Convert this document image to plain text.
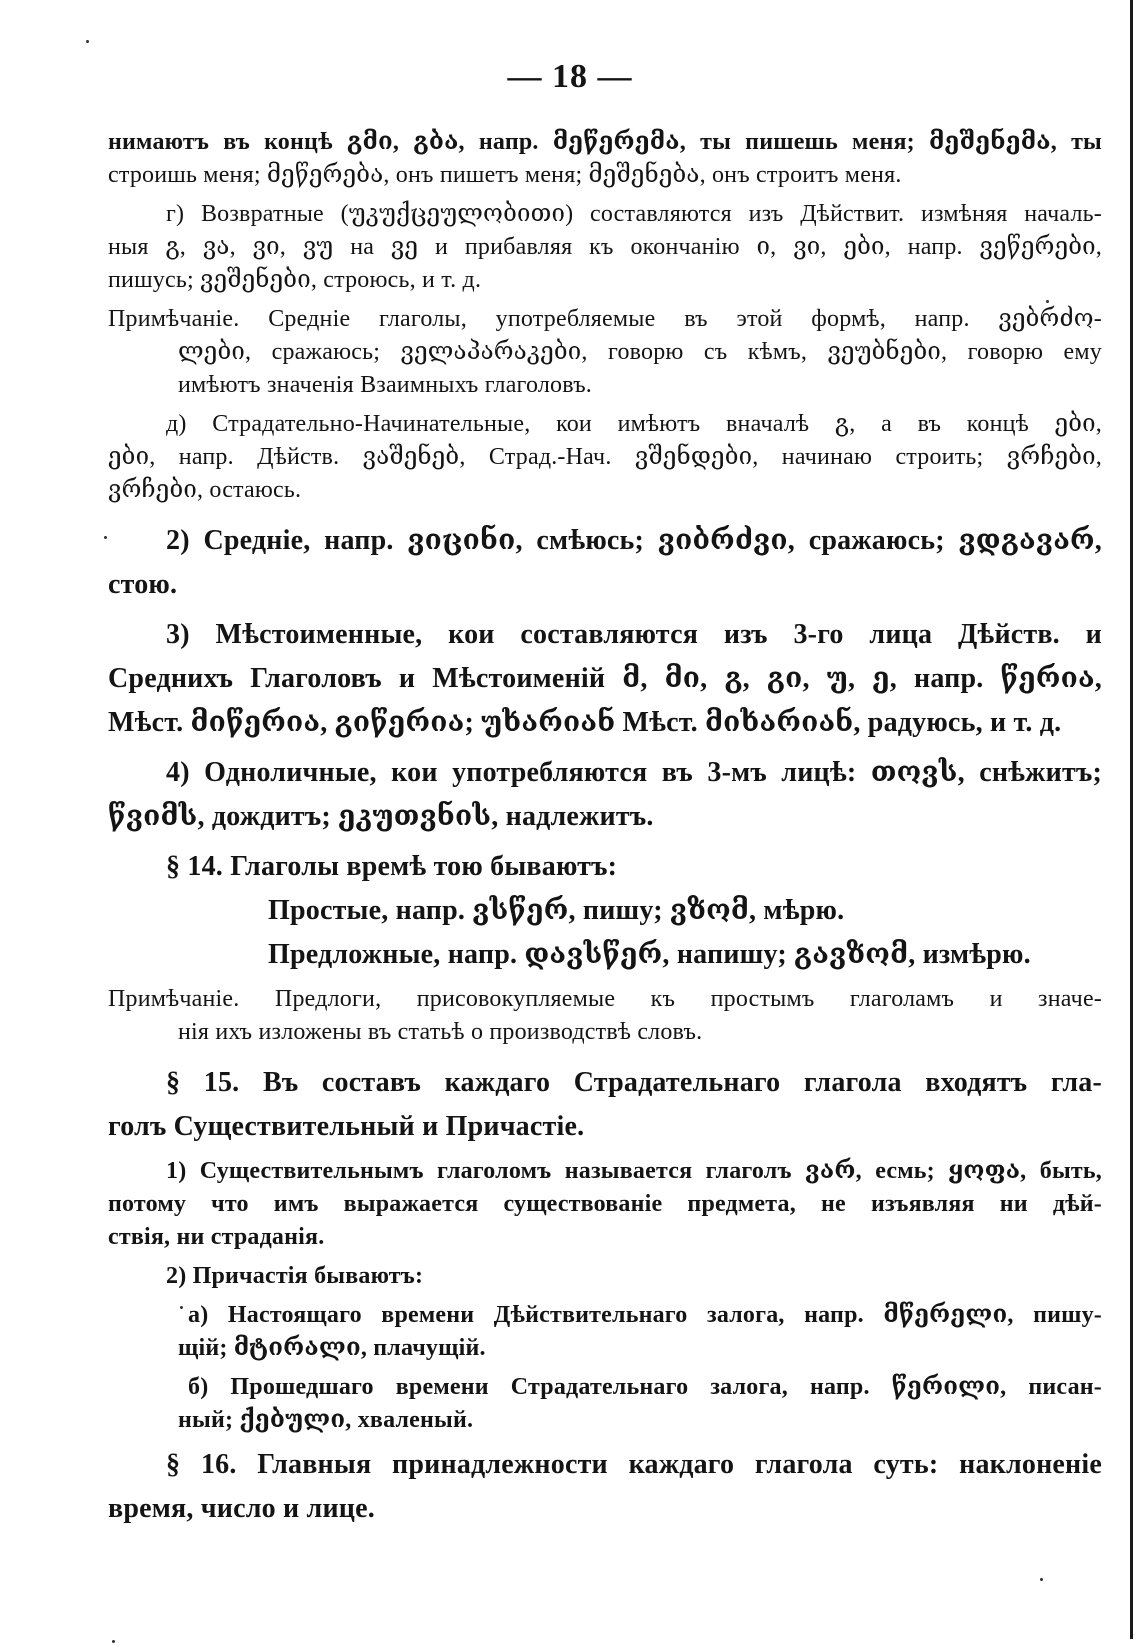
— 18 —
нимаютъ въ концѣ გმი, გბა, напр. მეწერემა, ты пишешь меня; მეშენემა, ты
строишь меня; მეწერება, онъ пишетъ меня; მეშენება, онъ строитъ меня.
г) Возвратные (უკუქცეულობითი) составляются изъ Дѣйствит. измѣняя началь-
ныя გ, ვა, ვი, ვუ на ვე и прибавляя къ окончанію ი, ვი, ები, напр. ვეწერები,
пишусь; ვეშენები, строюсь, и т. д.
Примѣчаніе. Средніе глаголы, употребляемые въ этой формѣ, напр. ვებრძო-
ლები, сражаюсь; ველაპარაკები, говорю съ кѣмъ, ვეუბნები, говорю ему
имѣютъ значенія Взаимныхъ глаголовъ.
д) Страдательно-Начинательные, кои имѣютъ вначалѣ გ, а въ концѣ ები,
ები, напр. Дѣйств. ვაშენებ, Страд.-Нач. ვშენდები, начинаю строить; ვრჩები,
ვრჩები, остаюсь.
2) Средніе, напр. ვიცინი, смѣюсь; ვიბრძვი, сражаюсь; ვდგავარ,
стою.
3) Мѣстоименные, кои составляются изъ 3-го лица Дѣйств. и
Среднихъ Глаголовъ и Мѣстоименій მ, მი, გ, გი, უ, ე, напр. წერია,
Мѣст. მიწერია, გიწერია; უხარიან Мѣст. მიხარიან, радуюсь, и т. д.
4) Одноличные, кои употребляются въ 3-мъ лицѣ: თოვს, снѣжитъ;
წვიმს, дождитъ; ეკუთვნის, надлежитъ.
§ 14. Глаголы времѣ тою бываютъ:
Простые, напр. ვსწერ, пишу; ვზომ, мѣрю.
Предложные, напр. დავსწერ, напишу; გავზომ, измѣрю.
Примѣчаніе. Предлоги, присовокупляемые къ простымъ глаголамъ и значе-
нія ихъ изложены въ статьѣ о производствѣ словъ.
§ 15. Въ составъ каждаго Страдательнаго глагола входятъ гла-
голъ Существительный и Причастіе.
1) Существительнымъ глаголомъ называется глаголъ ვარ, есмь; ყოფა, быть,
потому что имъ выражается существованіе предмета, не изъявляя ни дѣй-
ствія, ни страданія.
2) Причастія бываютъ:
а) Настоящаго времени Дѣйствительнаго залога, напр. მწერელი, пишу-
щій; მტირალი, плачущій.
б) Прошедшаго времени Страдательнаго залога, напр. წერილი, писан-
ный; ქებული, хваленый.
§ 16. Главныя принадлежности каждаго глагола суть: наклоненіе
время, число и лице.
